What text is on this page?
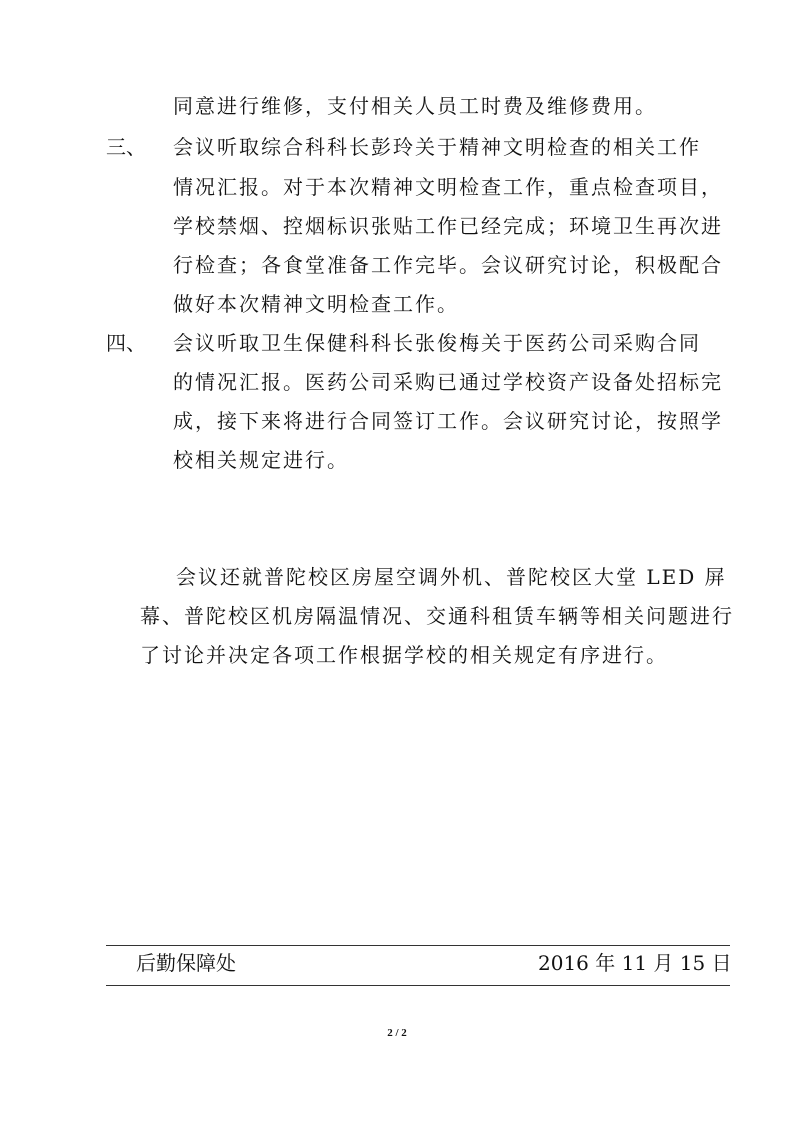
同意进行维修，支付相关人员工时费及维修费用。
三、 会议听取综合科科长彭玲关于精神文明检查的相关工作
情况汇报。对于本次精神文明检查工作，重点检查项目，
学校禁烟、控烟标识张贴工作已经完成；环境卫生再次进
行检查；各食堂准备工作完毕。会议研究讨论，积极配合
做好本次精神文明检查工作。
四、 会议听取卫生保健科科长张俊梅关于医药公司采购合同
的情况汇报。医药公司采购已通过学校资产设备处招标完
成，接下来将进行合同签订工作。会议研究讨论，按照学
校相关规定进行。
会议还就普陀校区房屋空调外机、普陀校区大堂 LED 屏
幕、普陀校区机房隔温情况、交通科租赁车辆等相关问题进行
了讨论并决定各项工作根据学校的相关规定有序进行。
后勤保障处	2016 年 11 月 15 日
2 / 2
